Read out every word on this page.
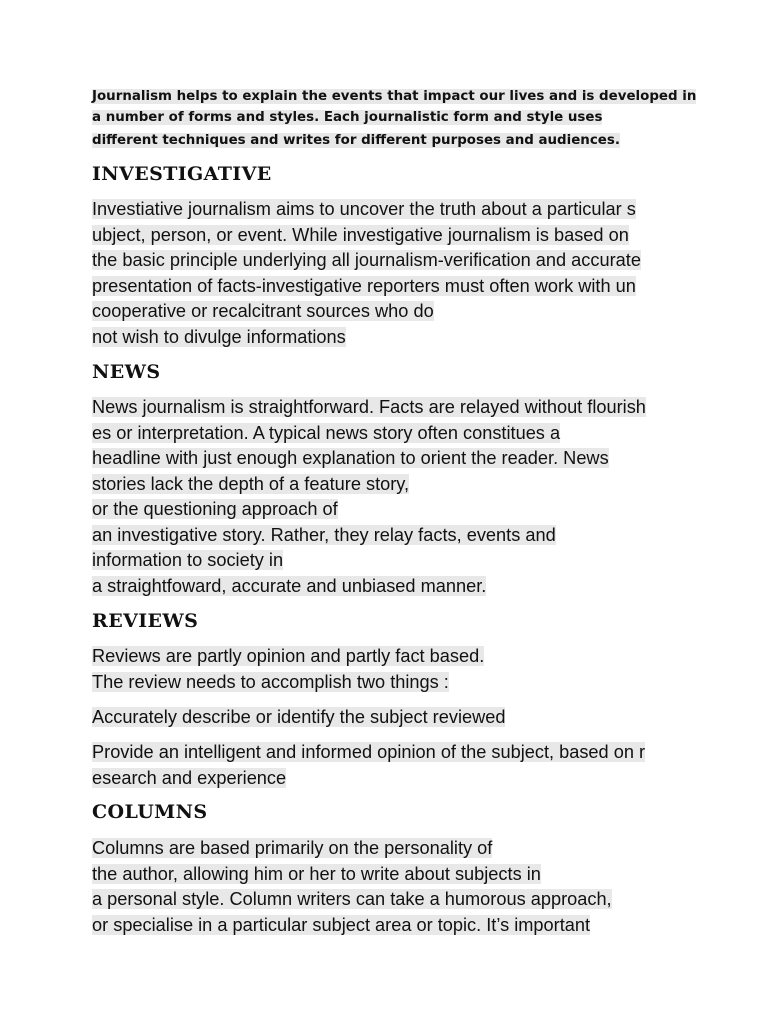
Journalism helps to explain the events that impact our lives and is developed in
a number of forms and styles. Each journalistic form and style uses
different techniques and writes for different purposes and audiences.
INVESTIGATIVE
Investiative journalism aims to uncover the truth about a particular s
ubject, person, or event. While investigative journalism is based on
the basic principle underlying all journalism-verification and accurate
presentation of facts-investigative reporters must often work with un
cooperative or recalcitrant sources who do
not wish to divulge informations
NEWS
News journalism is straightforward. Facts are relayed without flourish
es or interpretation. A typical news story often constitues a
headline with just enough explanation to orient the reader. News
stories lack the depth of a feature story,
or the questioning approach of
an investigative story. Rather, they relay facts, events and
information to society in
a straightfoward, accurate and unbiased manner.
REVIEWS
Reviews are partly opinion and partly fact based.
The review needs to accomplish two things :
Accurately describe or identify the subject reviewed
Provide an intelligent and informed opinion of the subject, based on r
esearch and experience
COLUMNS
Columns are based primarily on the personality of
the author, allowing him or her to write about subjects in
a personal style. Column writers can take a humorous approach,
or specialise in a particular subject area or topic. It’s important
